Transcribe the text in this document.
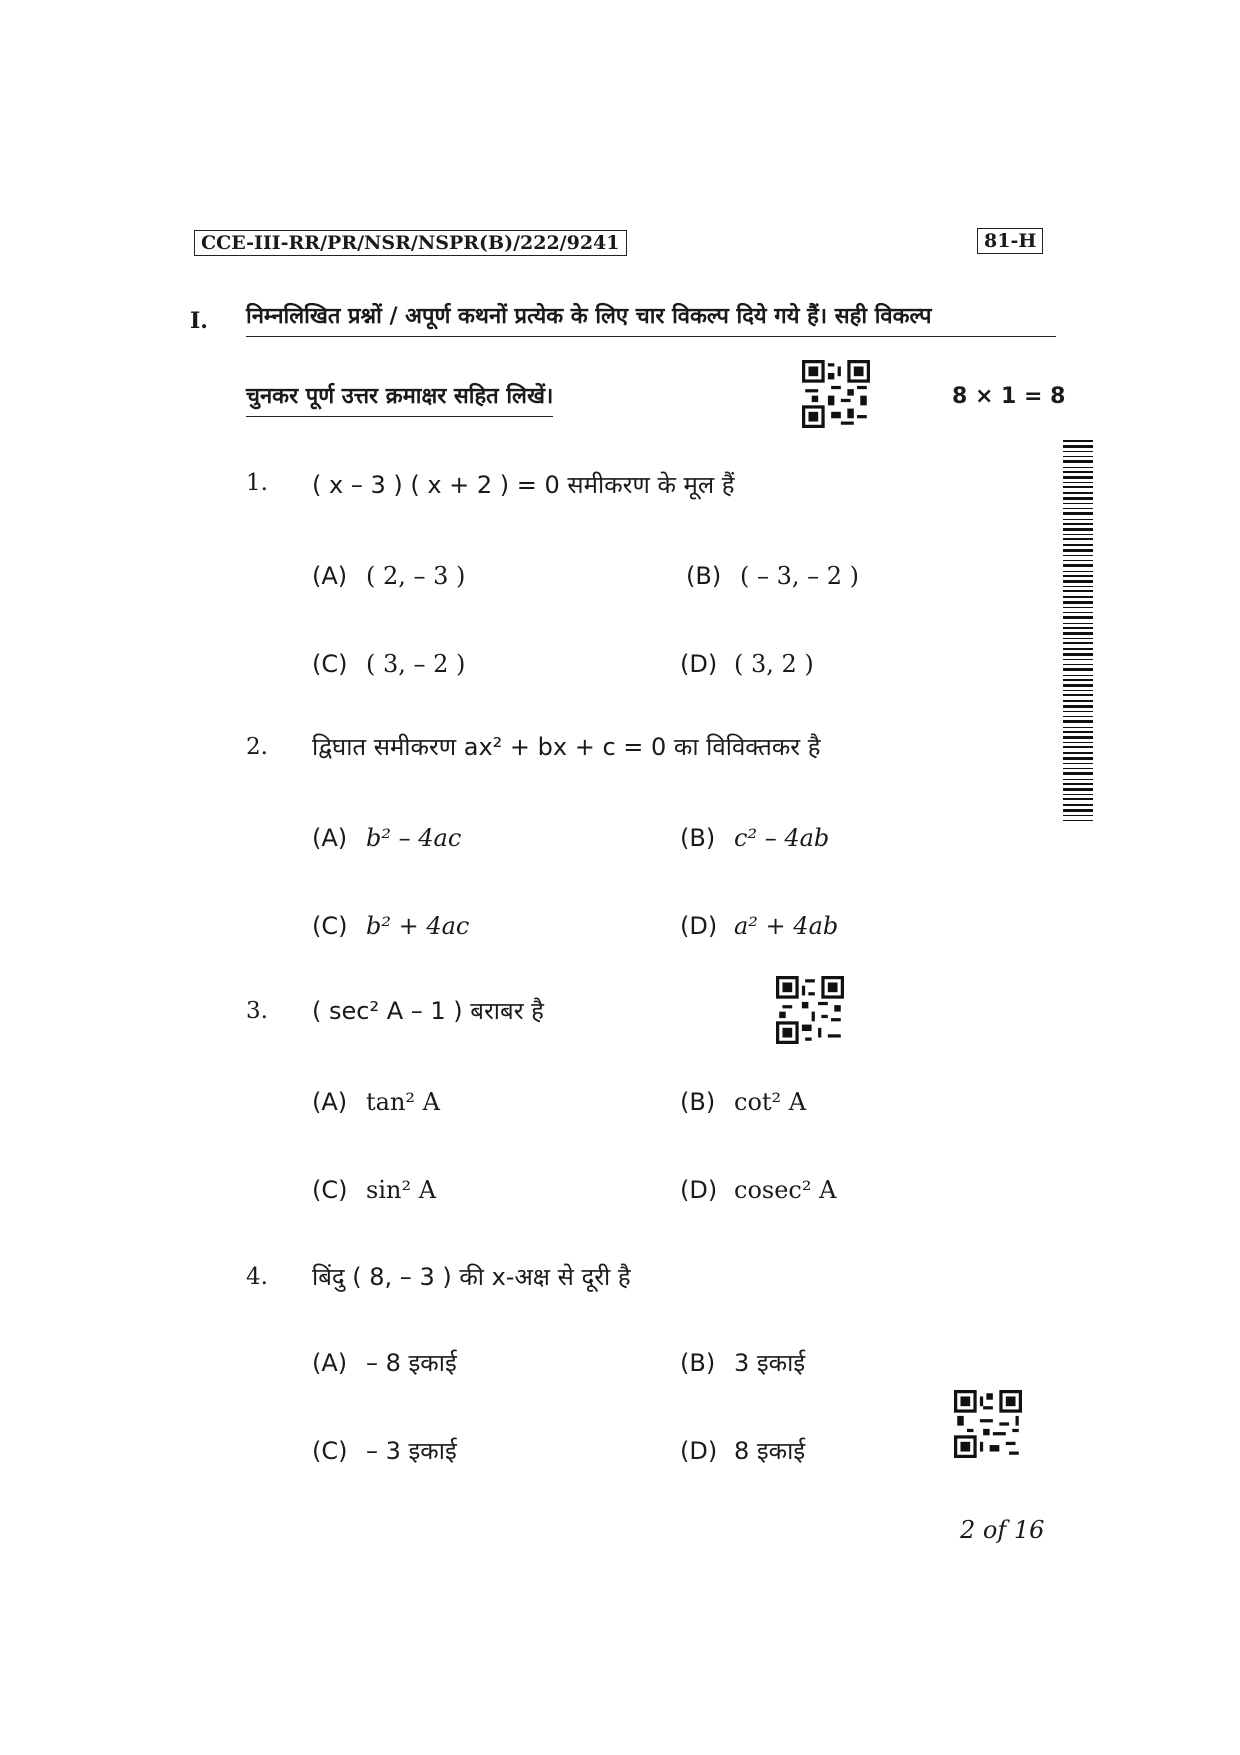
CCE-III-RR/PR/NSR/NSPR(B)/222/9241	81-H
I. निम्नलिखित प्रश्नों / अपूर्ण कथनों प्रत्येक के लिए चार विकल्प दिये गये हैं। सही विकल्प
चुनकर पूर्ण उत्तर क्रमाक्षर सहित लिखें।	8 × 1 = 8
1. ( x – 3 ) ( x + 2 ) = 0 समीकरण के मूल हैं
(A) ( 2, – 3 )	(B) ( – 3, – 2 )
(C) ( 3, – 2 )	(D) ( 3, 2 )
2. द्विघात समीकरण ax² + bx + c = 0 का विविक्तकर है
(A) b² – 4ac	(B) c² – 4ab
(C) b² + 4ac	(D) a² + 4ab
3. ( sec² A – 1 ) बराबर है
(A) tan² A	(B) cot² A
(C) sin² A	(D) cosec² A
4. बिंदु ( 8, – 3 ) की x-अक्ष से दूरी है
(A) – 8 इकाई	(B) 3 इकाई
(C) – 3 इकाई	(D) 8 इकाई
2 of 16
